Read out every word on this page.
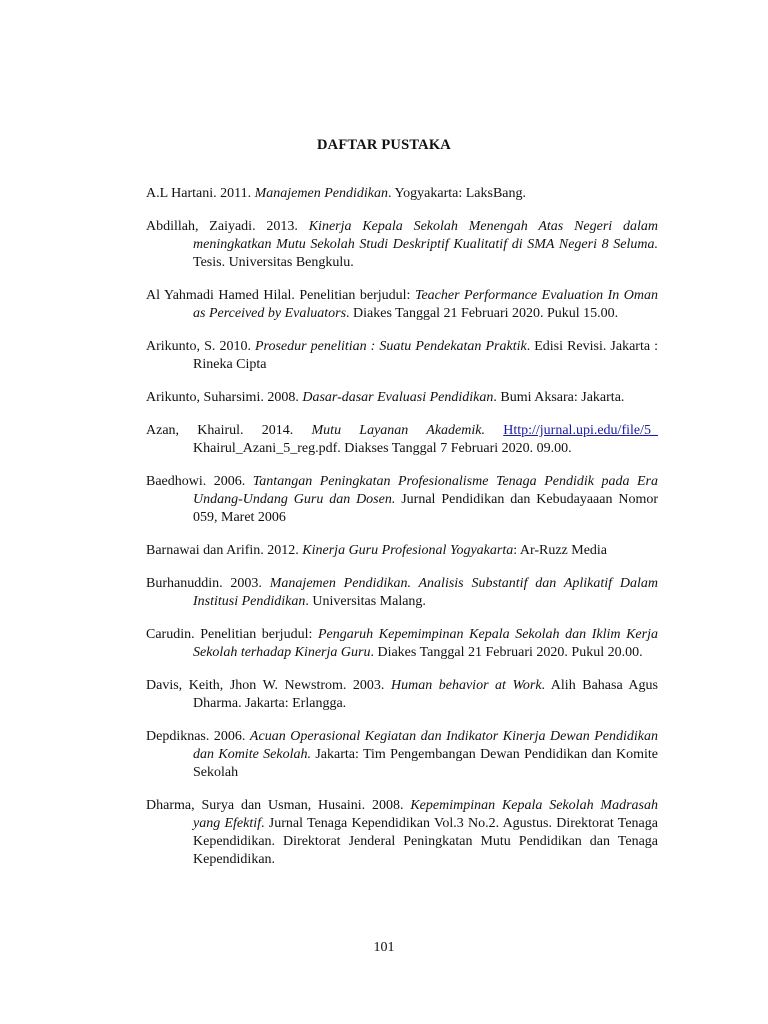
DAFTAR PUSTAKA

A.L Hartani. 2011. Manajemen Pendidikan. Yogyakarta: LaksBang.

Abdillah, Zaiyadi. 2013. Kinerja Kepala Sekolah Menengah Atas Negeri dalam meningkatkan Mutu Sekolah Studi Deskriptif Kualitatif di SMA Negeri 8 Seluma. Tesis. Universitas Bengkulu.

Al Yahmadi Hamed Hilal. Penelitian berjudul: Teacher Performance Evaluation In Oman as Perceived by Evaluators. Diakes Tanggal 21 Februari 2020. Pukul 15.00.

Arikunto, S. 2010. Prosedur penelitian : Suatu Pendekatan Praktik. Edisi Revisi. Jakarta : Rineka Cipta

Arikunto, Suharsimi. 2008. Dasar-dasar Evaluasi Pendidikan. Bumi Aksara: Jakarta.

Azan, Khairul. 2014. Mutu Layanan Akademik. Http://jurnal.upi.edu/file/5_ Khairul_Azani_5_reg.pdf. Diakses Tanggal 7 Februari 2020. 09.00.

Baedhowi. 2006. Tantangan Peningkatan Profesionalisme Tenaga Pendidik pada Era Undang-Undang Guru dan Dosen. Jurnal Pendidikan dan Kebudayaaan Nomor 059, Maret 2006

Barnawai dan Arifin. 2012. Kinerja Guru Profesional Yogyakarta: Ar-Ruzz Media

Burhanuddin. 2003. Manajemen Pendidikan. Analisis Substantif dan Aplikatif Dalam Institusi Pendidikan. Universitas Malang.

Carudin. Penelitian berjudul: Pengaruh Kepemimpinan Kepala Sekolah dan Iklim Kerja Sekolah terhadap Kinerja Guru. Diakes Tanggal 21 Februari 2020. Pukul 20.00.

Davis, Keith, Jhon W. Newstrom. 2003. Human behavior at Work. Alih Bahasa Agus Dharma. Jakarta: Erlangga.

Depdiknas. 2006. Acuan Operasional Kegiatan dan Indikator Kinerja Dewan Pendidikan dan Komite Sekolah. Jakarta: Tim Pengembangan Dewan Pendidikan dan Komite Sekolah

Dharma, Surya dan Usman, Husaini. 2008. Kepemimpinan Kepala Sekolah Madrasah yang Efektif. Jurnal Tenaga Kependidikan Vol.3 No.2. Agustus. Direktorat Tenaga Kependidikan. Direktorat Jenderal Peningkatan Mutu Pendidikan dan Tenaga Kependidikan.

101
